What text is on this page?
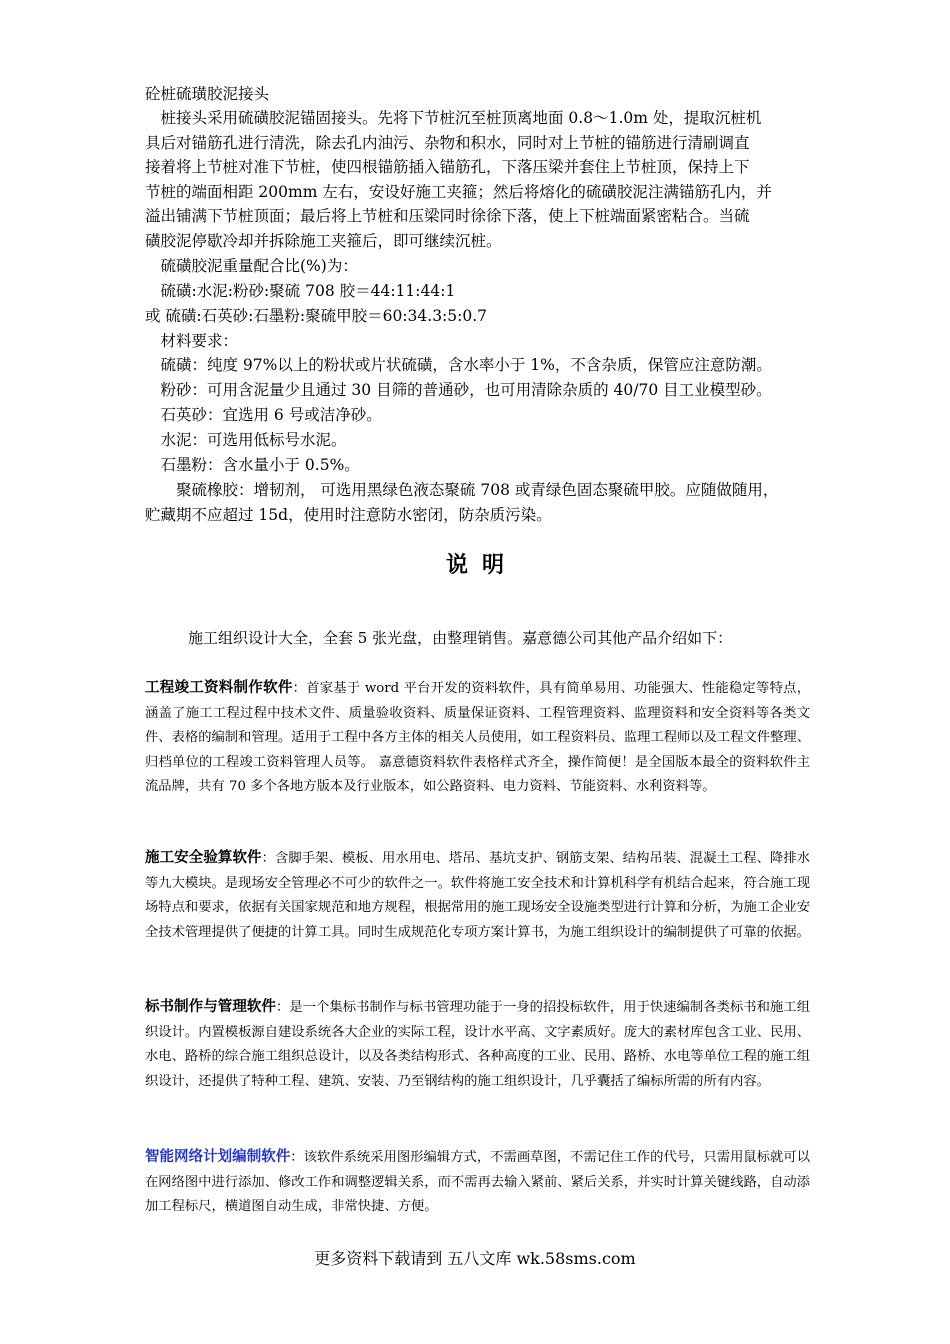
砼桩硫璜胶泥接头
　桩接头采用硫磺胶泥锚固接头。先将下节桩沉至桩顶离地面 0.8～1.0m 处，提取沉桩机
具后对锚筋孔进行清洗，除去孔内油污、杂物和积水，同时对上节桩的锚筋进行清刷调直
接着将上节桩对准下节桩，使四根锚筋插入锚筋孔，下落压梁并套住上节桩顶，保持上下
节桩的端面相距 200mm 左右，安设好施工夹箍；然后将熔化的硫磺胶泥注满锚筋孔内，并
溢出铺满下节桩顶面；最后将上节桩和压梁同时徐徐下落，使上下桩端面紧密粘合。当硫
磺胶泥停歇冷却并拆除施工夹箍后，即可继续沉桩。
　硫磺胶泥重量配合比(%)为：
　硫磺:水泥:粉砂:聚硫 708 胶＝44:11:44:1
或 硫磺:石英砂:石墨粉:聚硫甲胶＝60:34.3:5:0.7
　材料要求：
　硫磺：纯度 97%以上的粉状或片状硫磺，含水率小于 1%，不含杂质，保管应注意防潮。
　粉砂：可用含泥量少且通过 30 目筛的普通砂，也可用清除杂质的 40/70 目工业模型砂。
　石英砂：宜选用 6 号或洁净砂。
　水泥：可选用低标号水泥。
　石墨粉：含水量小于 0.5%。
　　聚硫橡胶：增韧剂， 可选用黑绿色液态聚硫 708 或青绿色固态聚硫甲胶。应随做随用，
贮藏期不应超过 15d，使用时注意防水密闭，防杂质污染。
说明
施工组织设计大全，全套 5 张光盘，由整理销售。嘉意德公司其他产品介绍如下：
工程竣工资料制作软件：首家基于 word 平台开发的资料软件，具有简单易用、功能强大、性能稳定等特点，涵盖了施工工程过程中技术文件、质量验收资料、质量保证资料、工程管理资料、监理资料和安全资料等各类文件、表格的编制和管理。适用于工程中各方主体的相关人员使用，如工程资料员、监理工程师以及工程文件整理、归档单位的工程竣工资料管理人员等。 嘉意德资料软件表格样式齐全，操作简便！是全国版本最全的资料软件主流品牌，共有 70 多个各地方版本及行业版本，如公路资料、电力资料、节能资料、水利资料等。
施工安全验算软件：含脚手架、模板、用水用电、塔吊、基坑支护、钢筋支架、结构吊装、混凝土工程、降排水等九大模块。是现场安全管理必不可少的软件之一。软件将施工安全技术和计算机科学有机结合起来，符合施工现场特点和要求，依据有关国家规范和地方规程，根据常用的施工现场安全设施类型进行计算和分析，为施工企业安全技术管理提供了便捷的计算工具。同时生成规范化专项方案计算书，为施工组织设计的编制提供了可靠的依据。
标书制作与管理软件：是一个集标书制作与标书管理功能于一身的招投标软件，用于快速编制各类标书和施工组织设计。内置模板源自建设系统各大企业的实际工程，设计水平高、文字素质好。庞大的素材库包含工业、民用、水电、路桥的综合施工组织总设计，以及各类结构形式、各种高度的工业、民用、路桥、水电等单位工程的施工组织设计，还提供了特种工程、建筑、安装、乃至钢结构的施工组织设计，几乎囊括了编标所需的所有内容。
智能网络计划编制软件：该软件系统采用图形编辑方式，不需画草图，不需记住工作的代号，只需用鼠标就可以在网络图中进行添加、修改工作和调整逻辑关系，而不需再去输入紧前、紧后关系，并实时计算关键线路，自动添加工程标尺，横道图自动生成，非常快捷、方便。
更多资料下载请到 五八文库 wk.58sms.com
